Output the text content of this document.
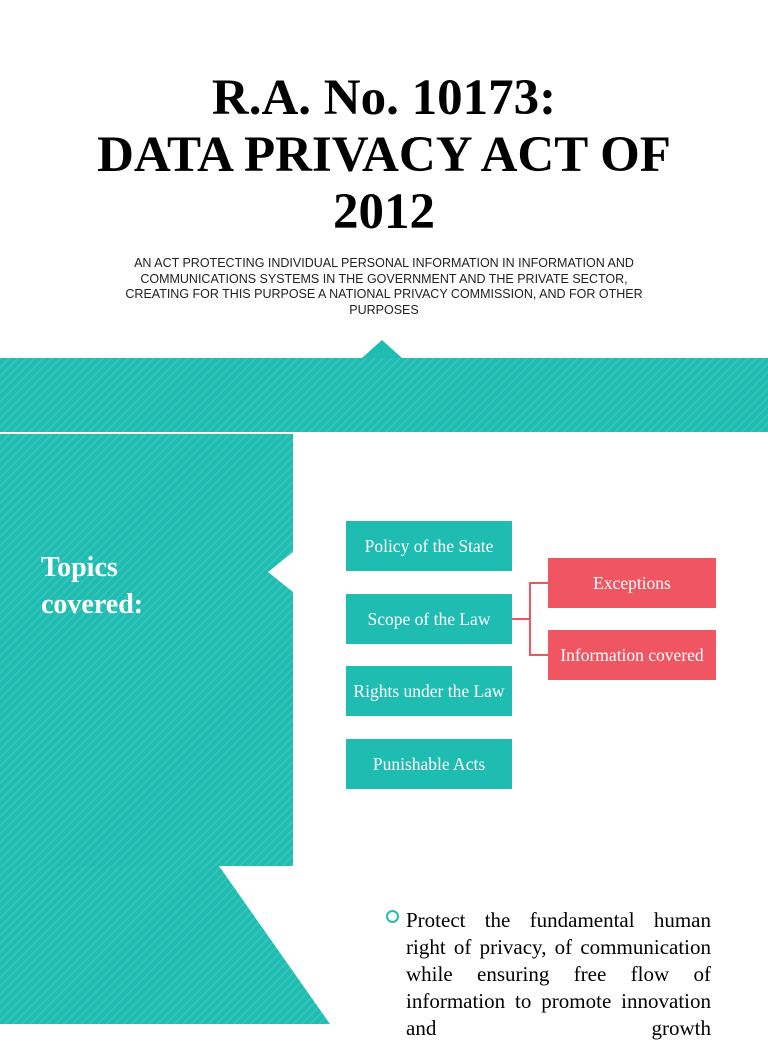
R.A. No. 10173:
DATA PRIVACY ACT OF
2012
AN ACT PROTECTING INDIVIDUAL PERSONAL INFORMATION IN INFORMATION AND COMMUNICATIONS SYSTEMS IN THE GOVERNMENT AND THE PRIVATE SECTOR, CREATING FOR THIS PURPOSE A NATIONAL PRIVACY COMMISSION, AND FOR OTHER PURPOSES
Topics
covered:
Policy of the State
Scope of the Law
Rights under the Law
Punishable Acts
Exceptions
Information covered
Protect the fundamental human right of privacy, of communication while ensuring free flow of information to promote innovation and growth
